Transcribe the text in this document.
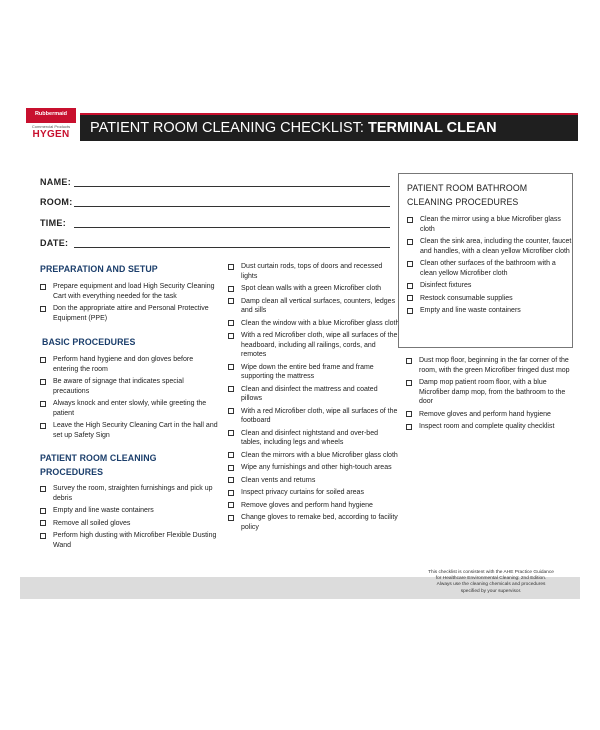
Rubbermaid
Commercial Products
HYGEN	PATIENT ROOM CLEANING CHECKLIST: TERMINAL CLEAN
NAME:
ROOM:
TIME:
DATE:
PREPARATION AND SETUP
Prepare equipment and load High Security Cleaning Cart with everything needed for the task
Don the appropriate attire and Personal Protective Equipment (PPE)
BASIC PROCEDURES
Perform hand hygiene and don gloves before entering the room
Be aware of signage that indicates special precautions
Always knock and enter slowly, while greeting the patient
Leave the High Security Cleaning Cart in the hall and set up Safety Sign
PATIENT ROOM CLEANING
PROCEDURES
Survey the room, straighten furnishings and pick up debris
Empty and line waste containers
Remove all soiled gloves
Perform high dusting with Microfiber Flexible Dusting Wand
Dust curtain rods, tops of doors and recessed lights
Spot clean walls with a green Microfiber cloth
Damp clean all vertical surfaces, counters, ledges and sills
Clean the window with a blue Microfiber glass cloth
With a red Microfiber cloth, wipe all surfaces of the headboard, including all railings, cords, and remotes
Wipe down the entire bed frame and frame supporting the mattress
Clean and disinfect the mattress and coated pillows
With a red Microfiber cloth, wipe all surfaces of the footboard
Clean and disinfect nightstand and over-bed tables, including legs and wheels
Clean the mirrors with a blue Microfiber glass cloth
Wipe any furnishings and other high-touch areas
Clean vents and returns
Inspect privacy curtains for soiled areas
Remove gloves and perform hand hygiene
Change gloves to remake bed, according to facility policy
PATIENT ROOM BATHROOM
CLEANING PROCEDURES
Clean the mirror using a blue Microfiber glass cloth
Clean the sink area, including the counter, faucet and handles, with a clean yellow Microfiber cloth
Clean other surfaces of the bathroom with a clean yellow Microfiber cloth
Disinfect fixtures
Restock consumable supplies
Empty and line waste containers
Dust mop floor, beginning in the far corner of the room, with the green Microfiber fringed dust mop
Damp mop patient room floor, with a blue Microfiber damp mop, from the bathroom to the door
Remove gloves and perform hand hygiene
Inspect room and complete quality checklist
This checklist is consistent with the AHE Practice Guidance
for Healthcare Environmental Cleaning: 2nd Edition.
Always use the cleaning chemicals and procedures
specified by your supervisor.
